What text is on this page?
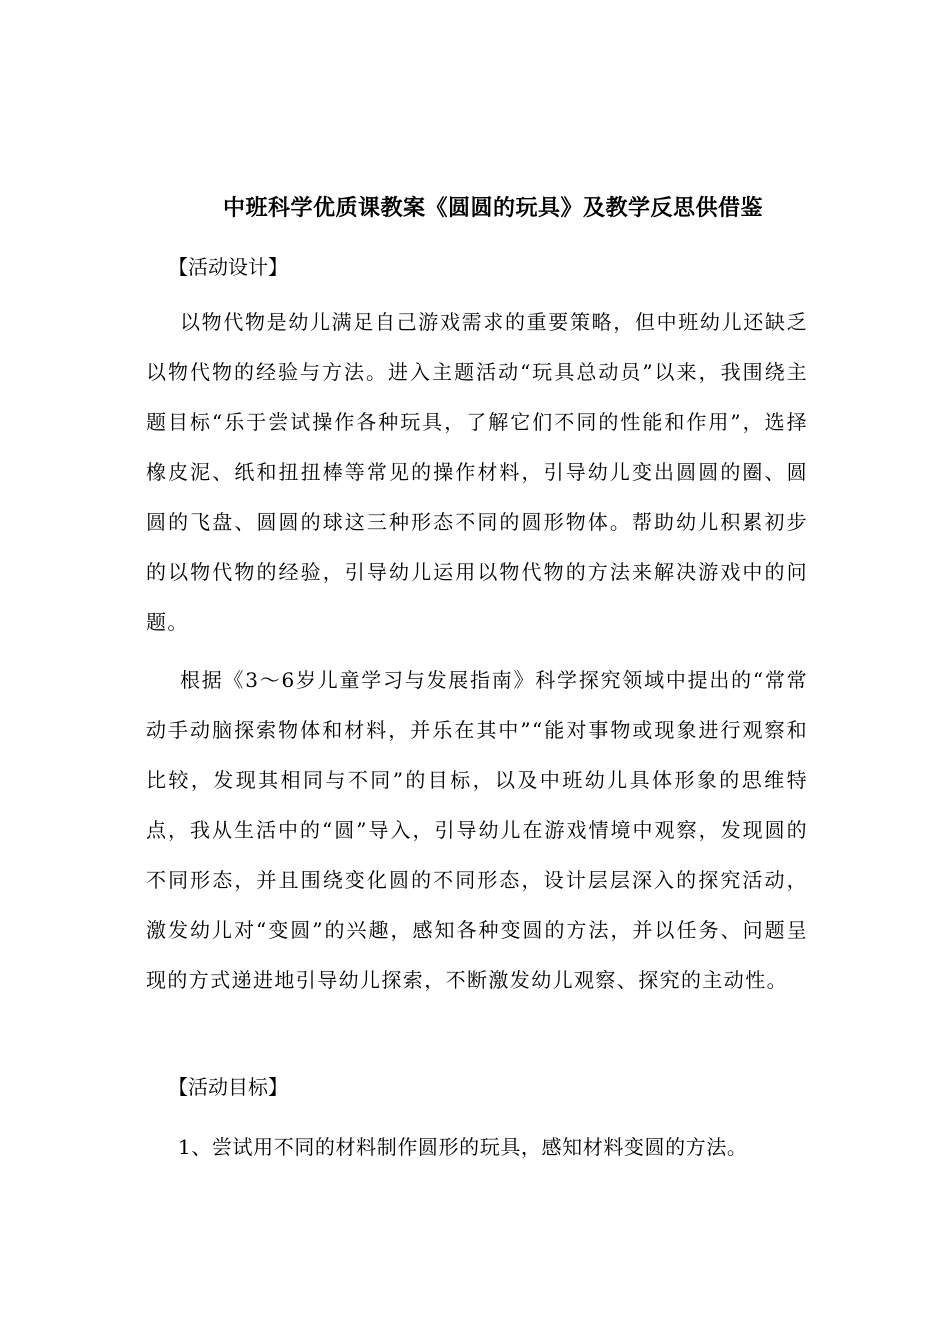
中班科学优质课教案《圆圆的玩具》及教学反思供借鉴
【活动设计】

以物代物是幼儿满足自己游戏需求的重要策略，但中班幼儿还缺乏以物代物的经验与方法。进入主题活动“玩具总动员”以来，我围绕主题目标“乐于尝试操作各种玩具，了解它们不同的性能和作用”，选择橡皮泥、纸和扭扭棒等常见的操作材料，引导幼儿变出圆圆的圈、圆圆的飞盘、圆圆的球这三种形态不同的圆形物体。帮助幼儿积累初步的以物代物的经验，引导幼儿运用以物代物的方法来解决游戏中的问题。

根据《3～6岁儿童学习与发展指南》科学探究领域中提出的“常常动手动脑探索物体和材料，并乐在其中”“能对事物或现象进行观察和比较，发现其相同与不同”的目标，以及中班幼儿具体形象的思维特点，我从生活中的“圆”导入，引导幼儿在游戏情境中观察，发现圆的不同形态，并且围绕变化圆的不同形态，设计层层深入的探究活动，激发幼儿对“变圆”的兴趣，感知各种变圆的方法，并以任务、问题呈现的方式递进地引导幼儿探索，不断激发幼儿观察、探究的主动性。

【活动目标】
1、尝试用不同的材料制作圆形的玩具，感知材料变圆的方法。
